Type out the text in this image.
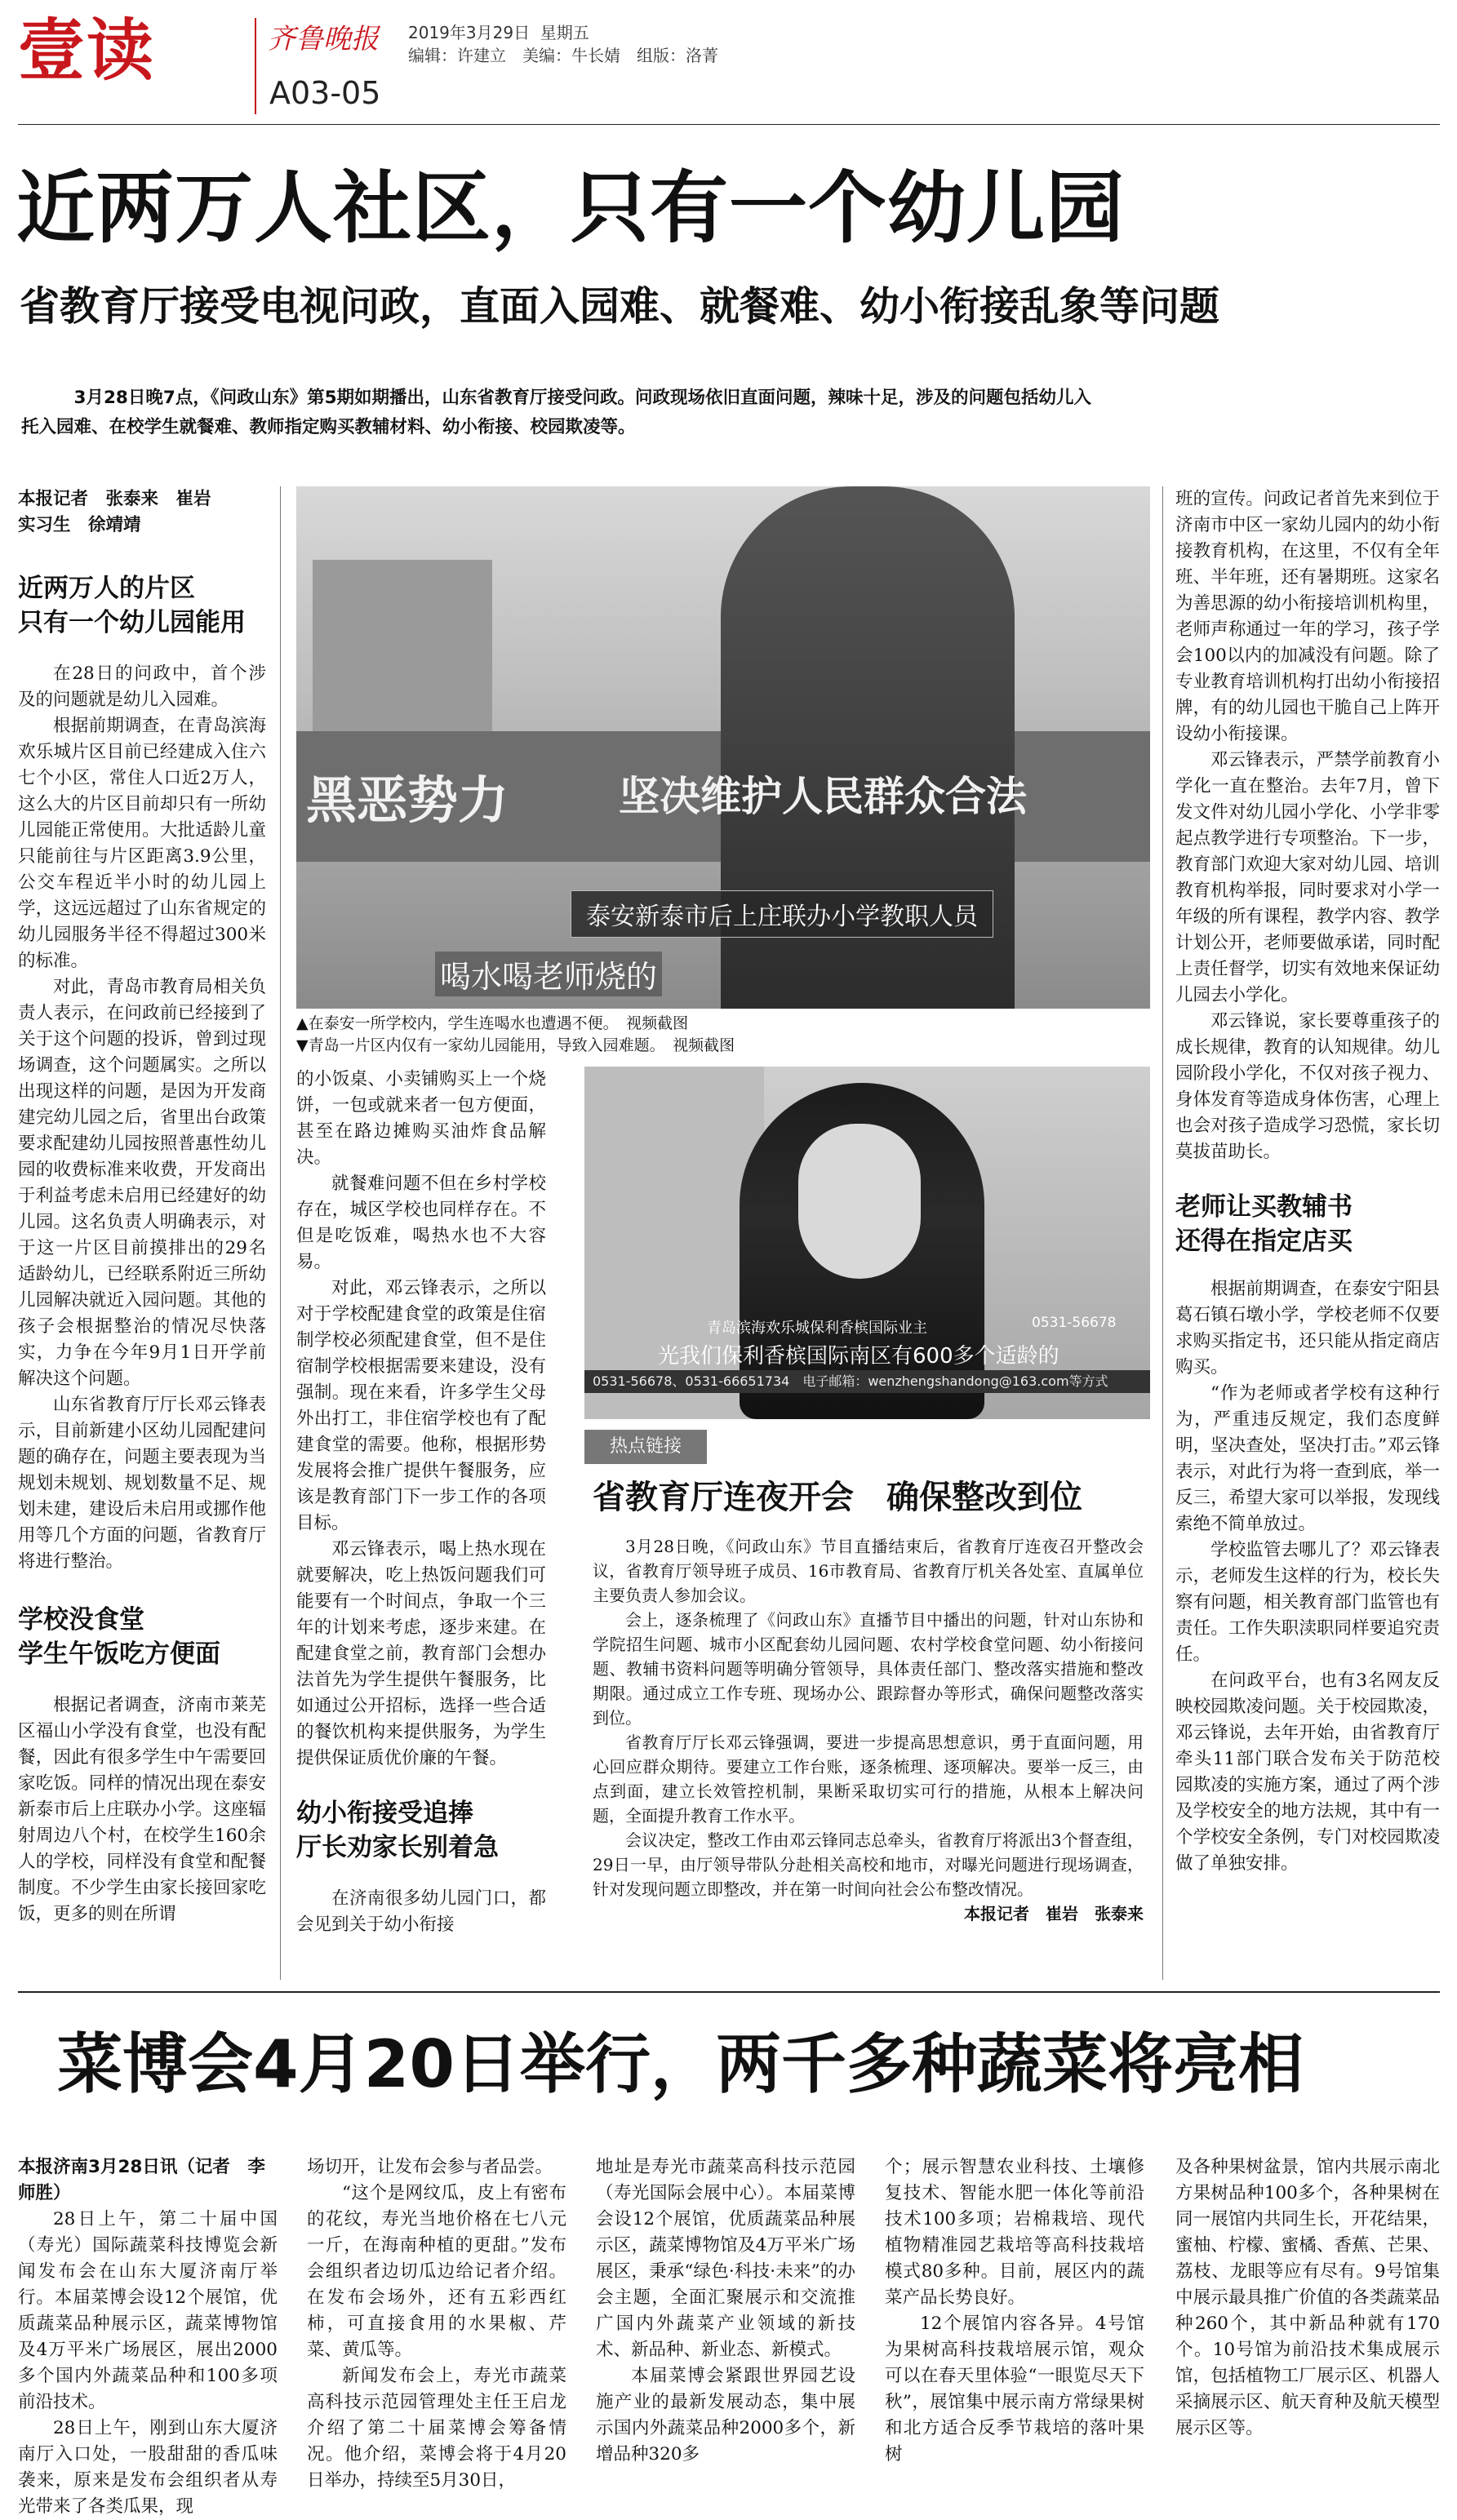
壹读	齐鲁晚报 2019年3月29日 星期五
编辑：许建立　美编：牛长婧　组版：洛菁
A03-05
近两万人社区，只有一个幼儿园
省教育厅接受电视问政，直面入园难、就餐难、幼小衔接乱象等问题
3月28日晚7点，《问政山东》第5期如期播出，山东省教育厅接受问政。问政现场依旧直面问题，辣味十足，涉及的问题包括幼儿入托入园难、在校学生就餐难、教师指定购买教辅材料、幼小衔接、校园欺凌等。
本报记者　张泰来　崔岩
实习生　徐靖靖
近两万人的片区
只有一个幼儿园能用

在28日的问政中，首个涉及的问题就是幼儿入园难。

根据前期调查，在青岛滨海欢乐城片区目前已经建成入住六七个小区，常住人口近2万人，这么大的片区目前却只有一所幼儿园能正常使用。大批适龄儿童只能前往与片区距离3.9公里，公交车程近半小时的幼儿园上学，这远远超过了山东省规定的幼儿园服务半径不得超过300米的标准。

对此，青岛市教育局相关负责人表示，在问政前已经接到了关于这个问题的投诉，曾到过现场调查，这个问题属实。之所以出现这样的问题，是因为开发商建完幼儿园之后，省里出台政策要求配建幼儿园按照普惠性幼儿园的收费标准来收费，开发商出于利益考虑未启用已经建好的幼儿园。这名负责人明确表示，对于这一片区目前摸排出的29名适龄幼儿，已经联系附近三所幼儿园解决就近入园问题。其他的孩子会根据整治的情况尽快落实，力争在今年9月1日开学前解决这个问题。

山东省教育厅厅长邓云锋表示，目前新建小区幼儿园配建问题的确存在，问题主要表现为当规划未规划、规划数量不足、规划未建，建设后未启用或挪作他用等几个方面的问题，省教育厅将进行整治。

学校没食堂
学生午饭吃方便面

根据记者调查，济南市莱芜区福山小学没有食堂，也没有配餐，因此有很多学生中午需要回家吃饭。同样的情况出现在泰安新泰市后上庄联办小学。这座辐射周边八个村，在校学生160余人的学校，同样没有食堂和配餐制度。不少学生由家长接回家吃饭，更多的则在所谓

黑恶势力	坚决维护人民群众合法
泰安新泰市后上庄联办小学教职人员
喝水喝老师烧的
▲在泰安一所学校内，学生连喝水也遭遇不便。　视频截图
▼青岛一片区内仅有一家幼儿园能用，导致入园难题。　视频截图

的小饭桌、小卖铺购买上一个烧饼，一包或就来者一包方便面，甚至在路边摊购买油炸食品解决。

就餐难问题不但在乡村学校存在，城区学校也同样存在。不但是吃饭难，喝热水也不大容易。

对此，邓云锋表示，之所以对于学校配建食堂的政策是住宿制学校必须配建食堂，但不是住宿制学校根据需要来建设，没有强制。现在来看，许多学生父母外出打工，非住宿学校也有了配建食堂的需要。他称，根据形势发展将会推广提供午餐服务，应该是教育部门下一步工作的各项目标。

邓云锋表示，喝上热水现在就要解决，吃上热饭问题我们可能要有一个时间点，争取一个三年的计划来考虑，逐步来建。在配建食堂之前，教育部门会想办法首先为学生提供午餐服务，比如通过公开招标，选择一些合适的餐饮机构来提供服务，为学生提供保证质优价廉的午餐。

幼小衔接受追捧
厅长劝家长别着急

在济南很多幼儿园门口，都会见到关于幼小衔接

青岛滨海欢乐城保利香槟国际业主	0531-56678
光我们保利香槟国际南区有600多个适龄的
0531-56678、0531-66651734　电子邮箱：wenzhengshandong@163.com等方式
热点链接
省教育厅连夜开会　确保整改到位

3月28日晚，《问政山东》节目直播结束后，省教育厅连夜召开整改会议，省教育厅领导班子成员、16市教育局、省教育厅机关各处室、直属单位主要负责人参加会议。

会上，逐条梳理了《问政山东》直播节目中播出的问题，针对山东协和学院招生问题、城市小区配套幼儿园问题、农村学校食堂问题、幼小衔接问题、教辅书资料问题等明确分管领导，具体责任部门、整改落实措施和整改期限。通过成立工作专班、现场办公、跟踪督办等形式，确保问题整改落实到位。

省教育厅厅长邓云锋强调，要进一步提高思想意识，勇于直面问题，用心回应群众期待。要建立工作台账，逐条梳理、逐项解决。要举一反三，由点到面，建立长效管控机制，果断采取切实可行的措施，从根本上解决问题，全面提升教育工作水平。

会议决定，整改工作由邓云锋同志总牵头，省教育厅将派出3个督查组，29日一早，由厅领导带队分赴相关高校和地市，对曝光问题进行现场调查，针对发现问题立即整改，并在第一时间向社会公布整改情况。

本报记者　崔岩　张泰来

班的宣传。问政记者首先来到位于济南市中区一家幼儿园内的幼小衔接教育机构，在这里，不仅有全年班、半年班，还有暑期班。这家名为善思源的幼小衔接培训机构里，老师声称通过一年的学习，孩子学会100以内的加减没有问题。除了专业教育培训机构打出幼小衔接招牌，有的幼儿园也干脆自己上阵开设幼小衔接课。

邓云锋表示，严禁学前教育小学化一直在整治。去年7月，曾下发文件对幼儿园小学化、小学非零起点教学进行专项整治。下一步，教育部门欢迎大家对幼儿园、培训教育机构举报，同时要求对小学一年级的所有课程，教学内容、教学计划公开，老师要做承诺，同时配上责任督学，切实有效地来保证幼儿园去小学化。

邓云锋说，家长要尊重孩子的成长规律，教育的认知规律。幼儿园阶段小学化，不仅对孩子视力、身体发育等造成身体伤害，心理上也会对孩子造成学习恐慌，家长切莫拔苗助长。

老师让买教辅书
还得在指定店买

根据前期调查，在泰安宁阳县葛石镇石墩小学，学校老师不仅要求购买指定书，还只能从指定商店购买。

“作为老师或者学校有这种行为，严重违反规定，我们态度鲜明，坚决查处，坚决打击。”邓云锋表示，对此行为将一查到底，举一反三，希望大家可以举报，发现线索绝不简单放过。

学校监管去哪儿了？邓云锋表示，老师发生这样的行为，校长失察有问题，相关教育部门监管也有责任。工作失职渎职同样要追究责任。

在问政平台，也有3名网友反映校园欺凌问题。关于校园欺凌，邓云锋说，去年开始，由省教育厅牵头11部门联合发布关于防范校园欺凌的实施方案，通过了两个涉及学校安全的地方法规，其中有一个学校安全条例，专门对校园欺凌做了单独安排。

菜博会4月20日举行，两千多种蔬菜将亮相
本报济南3月28日讯（记者　李师胜）

28日上午，第二十届中国（寿光）国际蔬菜科技博览会新闻发布会在山东大厦济南厅举行。本届菜博会设12个展馆，优质蔬菜品种展示区，蔬菜博物馆及4万平米广场展区，展出2000多个国内外蔬菜品种和100多项前沿技术。

28日上午，刚到山东大厦济南厅入口处，一股甜甜的香瓜味袭来，原来是发布会组织者从寿光带来了各类瓜果，现

场切开，让发布会参与者品尝。

“这个是网纹瓜，皮上有密布的花纹，寿光当地价格在七八元一斤，在海南种植的更甜。”发布会组织者边切瓜边给记者介绍。在发布会场外，还有五彩西红柿，可直接食用的水果椒、芹菜、黄瓜等。

新闻发布会上，寿光市蔬菜高科技示范园管理处主任王启龙介绍了第二十届菜博会筹备情况。他介绍，菜博会将于4月20日举办，持续至5月30日，

地址是寿光市蔬菜高科技示范园（寿光国际会展中心）。本届菜博会设12个展馆，优质蔬菜品种展示区，蔬菜博物馆及4万平米广场展区，秉承“绿色·科技·未来”的办会主题，全面汇聚展示和交流推广国内外蔬菜产业领域的新技术、新品种、新业态、新模式。

本届菜博会紧跟世界园艺设施产业的最新发展动态，集中展示国内外蔬菜品种2000多个，新增品种320多

个；展示智慧农业科技、土壤修复技术、智能水肥一体化等前沿技术100多项；岩棉栽培、现代植物精准园艺栽培等高科技栽培模式80多种。目前，展区内的蔬菜产品长势良好。

12个展馆内容各异。4号馆为果树高科技栽培展示馆，观众可以在春天里体验“一眼览尽天下秋”，展馆集中展示南方常绿果树和北方适合反季节栽培的落叶果树

及各种果树盆景，馆内共展示南北方果树品种100多个，各种果树在同一展馆内共同生长，开花结果，蜜柚、柠檬、蜜橘、香蕉、芒果、荔枝、龙眼等应有尽有。9号馆集中展示最具推广价值的各类蔬菜品种260个，其中新品种就有170个。10号馆为前沿技术集成展示馆，包括植物工厂展示区、机器人采摘展示区、航天育种及航天模型展示区等。
